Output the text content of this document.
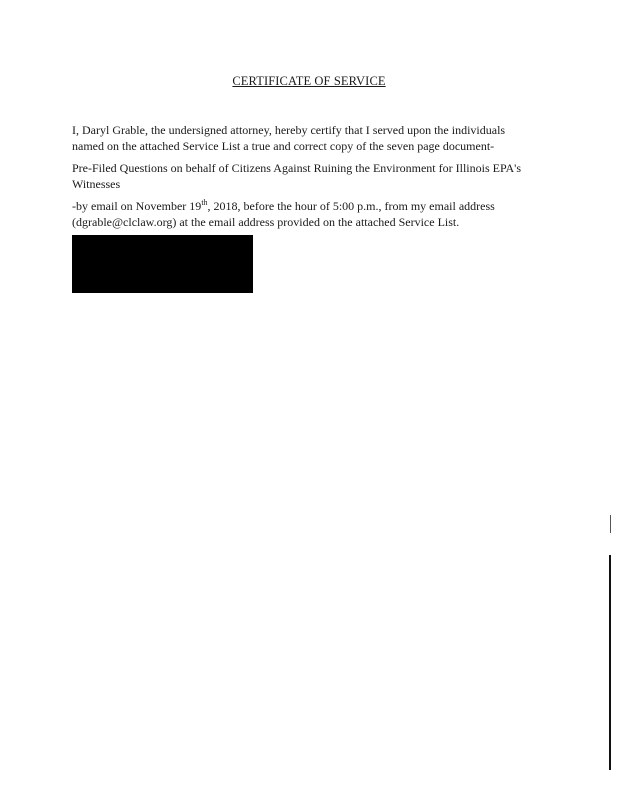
CERTIFICATE OF SERVICE
I, Daryl Grable, the undersigned attorney, hereby certify that I served upon the individuals named on the attached Service List a true and correct copy of the seven page document-
Pre-Filed Questions on behalf of Citizens Against Ruining the Environment for Illinois EPA's Witnesses
-by email on November 19th, 2018, before the hour of 5:00 p.m., from my email address (dgrable@clclaw.org) at the email address provided on the attached Service List.
